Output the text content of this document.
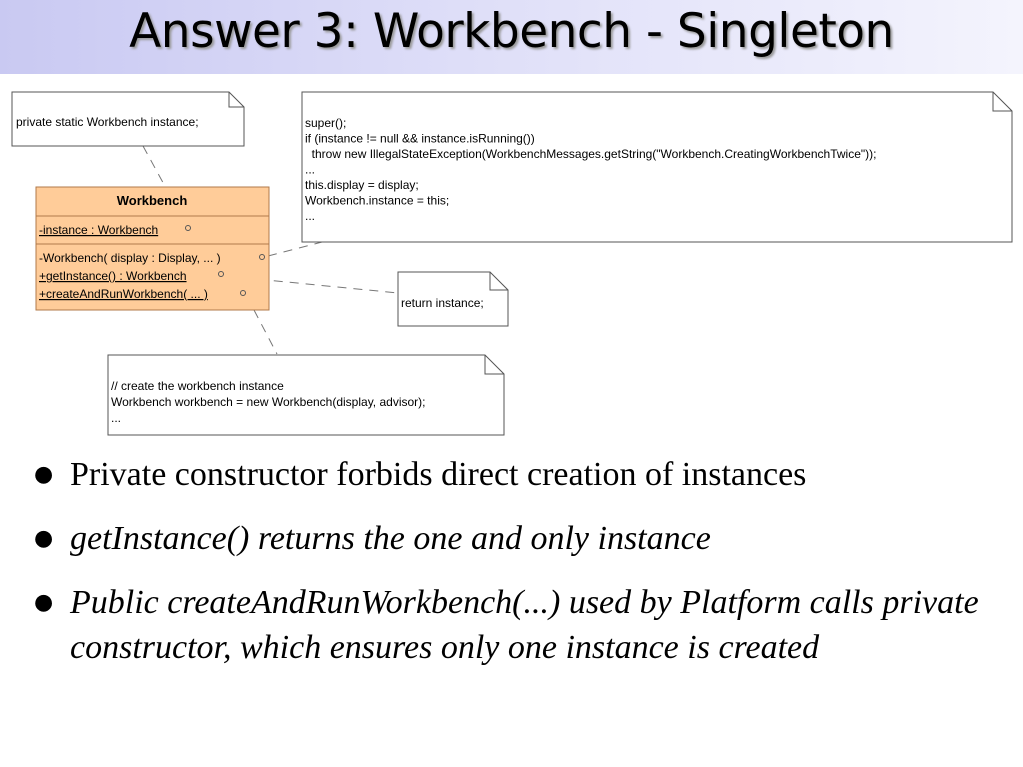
Answer 3: Workbench - Singleton
private static Workbench instance;	super(); if (instance != null && instance.isRunning())   throw new IllegalStateException(WorkbenchMessages.getString("Workbench.CreatingWorkbenchTwice")); ... this.display = display; Workbench.instance = this; ...
return instance;
// create the workbench instance Workbench workbench = new Workbench(display, advisor); ...
Workbench
-instance : Workbench
-Workbench( display : Display, ... )
+getInstance() : Workbench
+createAndRunWorkbench( ... )
● Private constructor forbids direct creation of instances
● getInstance() returns the one and only instance
● Public createAndRunWorkbench(...) used by Platform calls private constructor, which ensures only one instance is created
